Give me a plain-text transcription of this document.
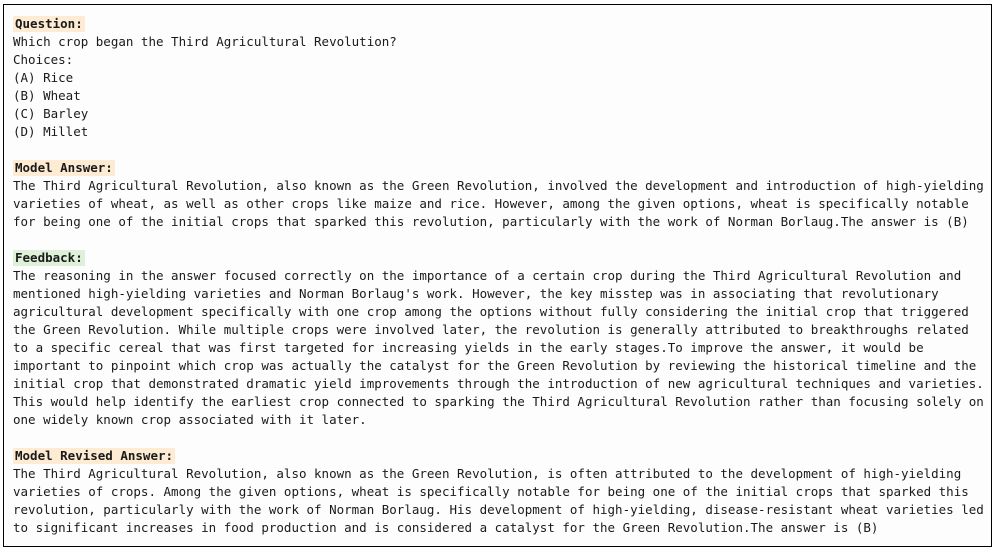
Question:
Which crop began the Third Agricultural Revolution?
Choices:
(A) Rice
(B) Wheat
(C) Barley
(D) Millet
Model Answer:
The Third Agricultural Revolution, also known as the Green Revolution, involved the development and introduction of high-yielding varieties of wheat, as well as other crops like maize and rice. However, among the given options, wheat is specifically notable for being one of the initial crops that sparked this revolution, particularly with the work of Norman Borlaug.The answer is (B)
Feedback:
The reasoning in the answer focused correctly on the importance of a certain crop during the Third Agricultural Revolution and mentioned high-yielding varieties and Norman Borlaug's work. However, the key misstep was in associating that revolutionary agricultural development specifically with one crop among the options without fully considering the initial crop that triggered the Green Revolution. While multiple crops were involved later, the revolution is generally attributed to breakthroughs related to a specific cereal that was first targeted for increasing yields in the early stages.To improve the answer, it would be important to pinpoint which crop was actually the catalyst for the Green Revolution by reviewing the historical timeline and the initial crop that demonstrated dramatic yield improvements through the introduction of new agricultural techniques and varieties. This would help identify the earliest crop connected to sparking the Third Agricultural Revolution rather than focusing solely on one widely known crop associated with it later.
Model Revised Answer:
The Third Agricultural Revolution, also known as the Green Revolution, is often attributed to the development of high-yielding varieties of crops. Among the given options, wheat is specifically notable for being one of the initial crops that sparked this revolution, particularly with the work of Norman Borlaug. His development of high-yielding, disease-resistant wheat varieties led to significant increases in food production and is considered a catalyst for the Green Revolution.The answer is (B)
